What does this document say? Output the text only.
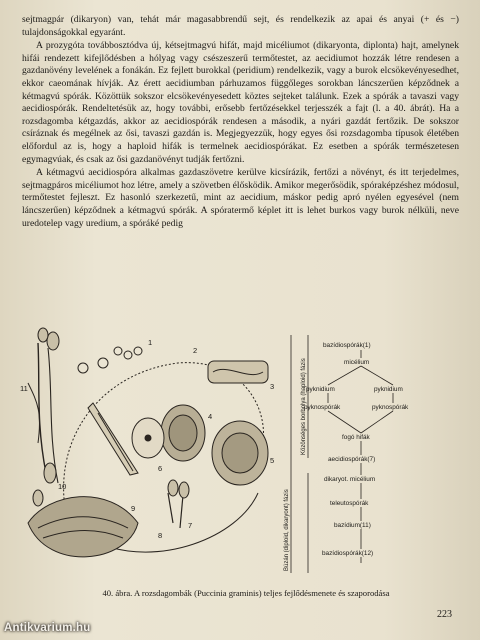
sejtmagpár (dikaryon) van, tehát már magasabbrendű sejt, és rendelkezik az apai és anyai (+ és −) tulajdonságokkal egyaránt.

A prozygóta továbbosztódva új, kétsejtmagvú hifát, majd micéliumot (dikaryonta, diplonta) hajt, amelynek hifái rendezett kifejlődésben a hólyag vagy csészeszerű termőtestet, az aecidiumot hozzák létre rendesen a gazdanövény levelének a fonákán. Ez fejlett burokkal (peridium) rendelkezik, vagy a burok elcsökevényesedhet, ekkor caeomának hívják. Az érett aecidiumban párhuzamos függőleges sorokban láncszerűen képződnek a kétmagvú spórák. Közöttük sokszor elcsökevényesedett köztes sejteket találunk. Ezek a spórák a tavaszi vagy aecidiospórák. Rendeltetésük az, hogy további, erősebb fertőzésekkel terjesszék a fajt (l. a 40. ábrát). Ha a rozsdagomba kétgazdás, akkor az aecidiospórák rendesen a második, a nyári gazdát fertőzik. De sokszor csíráznak és megélnek az ősi, tavaszi gazdán is. Megjegyezzük, hogy egyes ősi rozsdagomba típusok életében előfordul az is, hogy a haploid hifák is termelnek aecidiospórákat. Ez esetben a spórák természetesen egymagvúak, és csak az ősi gazdanövényt tudják fertőzni.

A kétmagvú aecidiospóra alkalmas gazdaszövetre kerülve kicsírázik, fertőzi a növényt, és itt terjedelmes, sejtmagpáros micéliumot hoz létre, amely a szövetben élősködik. Amikor megerősödik, spóraképzéshez módosul, termőtestet fejleszt. Ez hasonló szerkezetű, mint az aecidium, máskor pedig apró nyélen egyesével (nem láncszerűen) képződnek a kétmagvú spórák. A spóratermő képlet itt is lehet burkos vagy burok nélküli, neve uredotelep vagy uredium, a spóráké pedig

1
2
3
4
5
6
7
8
9
10
11
bazídiospórák(1)
micélium
pyknidium	pyknidium
pyknospórák	pyknospórák
fogó hifák
aecidiospórák(7)
dikaryot. micélium
teleutospórák
bazídium(11)
bazídiospórák(12)
Búzán (diploid, dikaryont) fázis
Közönséges borbolya (haploid) fázis
40. ábra. A rozsdagombák (Puccinia graminis) teljes fejlődésmenete és szaporodása
223
Antikvarium.hu
